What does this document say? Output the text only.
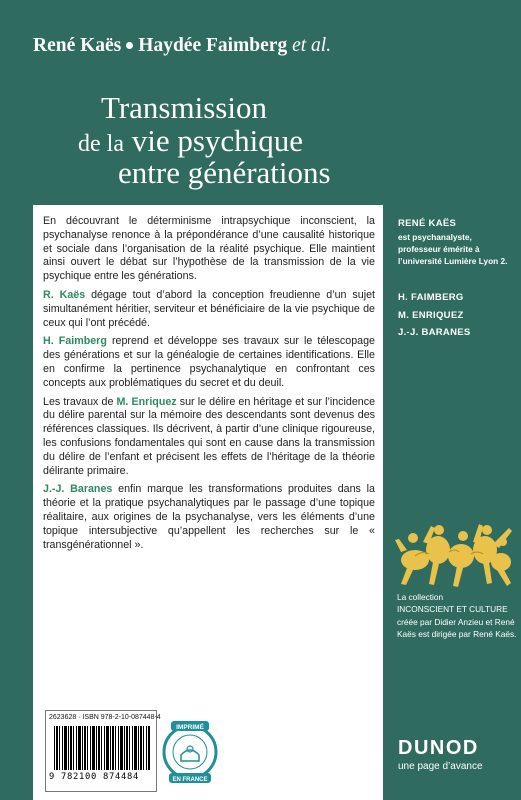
René Kaës Haydée Faimberg et al.
Transmission
de la vie psychique
entre générations

En découvrant le déterminisme intrapsychique inconscient, la psychanalyse renonce à la prépondérance d’une causalité historique et sociale dans l’organisation de la réalité psychique. Elle maintient ainsi ouvert le débat sur l’hypothèse de la transmission de la vie psychique entre les générations.

R. Kaës dégage tout d’abord la conception freudienne d’un sujet simultanément héritier, serviteur et bénéficiaire de la vie psychique de ceux qui l’ont précédé.

H. Faimberg reprend et développe ses travaux sur le télescopage des générations et sur la généalogie de certaines identifications. Elle en confirme la pertinence psychanalytique en confrontant ces concepts aux problématiques du secret et du deuil.

Les travaux de M. Enriquez sur le délire en héritage et sur l’incidence du délire parental sur la mémoire des descendants sont devenus des références classiques. Ils décrivent, à partir d’une clinique rigoureuse, les confusions fondamentales qui sont en cause dans la transmission du délire de l’enfant et précisent les effets de l’héritage de la théorie délirante primaire.

J.-J. Baranes enfin marque les transformations produites dans la théorie et la pratique psychanalytiques par le passage d’une topique réalitaire, aux origines de la psychanalyse, vers les éléments d’une topique intersubjective qu’appellent les recherches sur le « transgénérationnel ».

2623628 · ISBN 978-2-10-087448-4
9 782100 874484
IMPRIMÉ
EN FRANCE
RENÉ KAËS
est psychanalyste, professeur émérite à l’université Lumière Lyon 2.
H. FAIMBERG
M. ENRIQUEZ
J.-J. BARANES
La collection
INCONSCIENT ET CULTURE
créée par Didier Anzieu et René Kaës est dirigée par René Kaës.
DUNOD
une page d’avance
